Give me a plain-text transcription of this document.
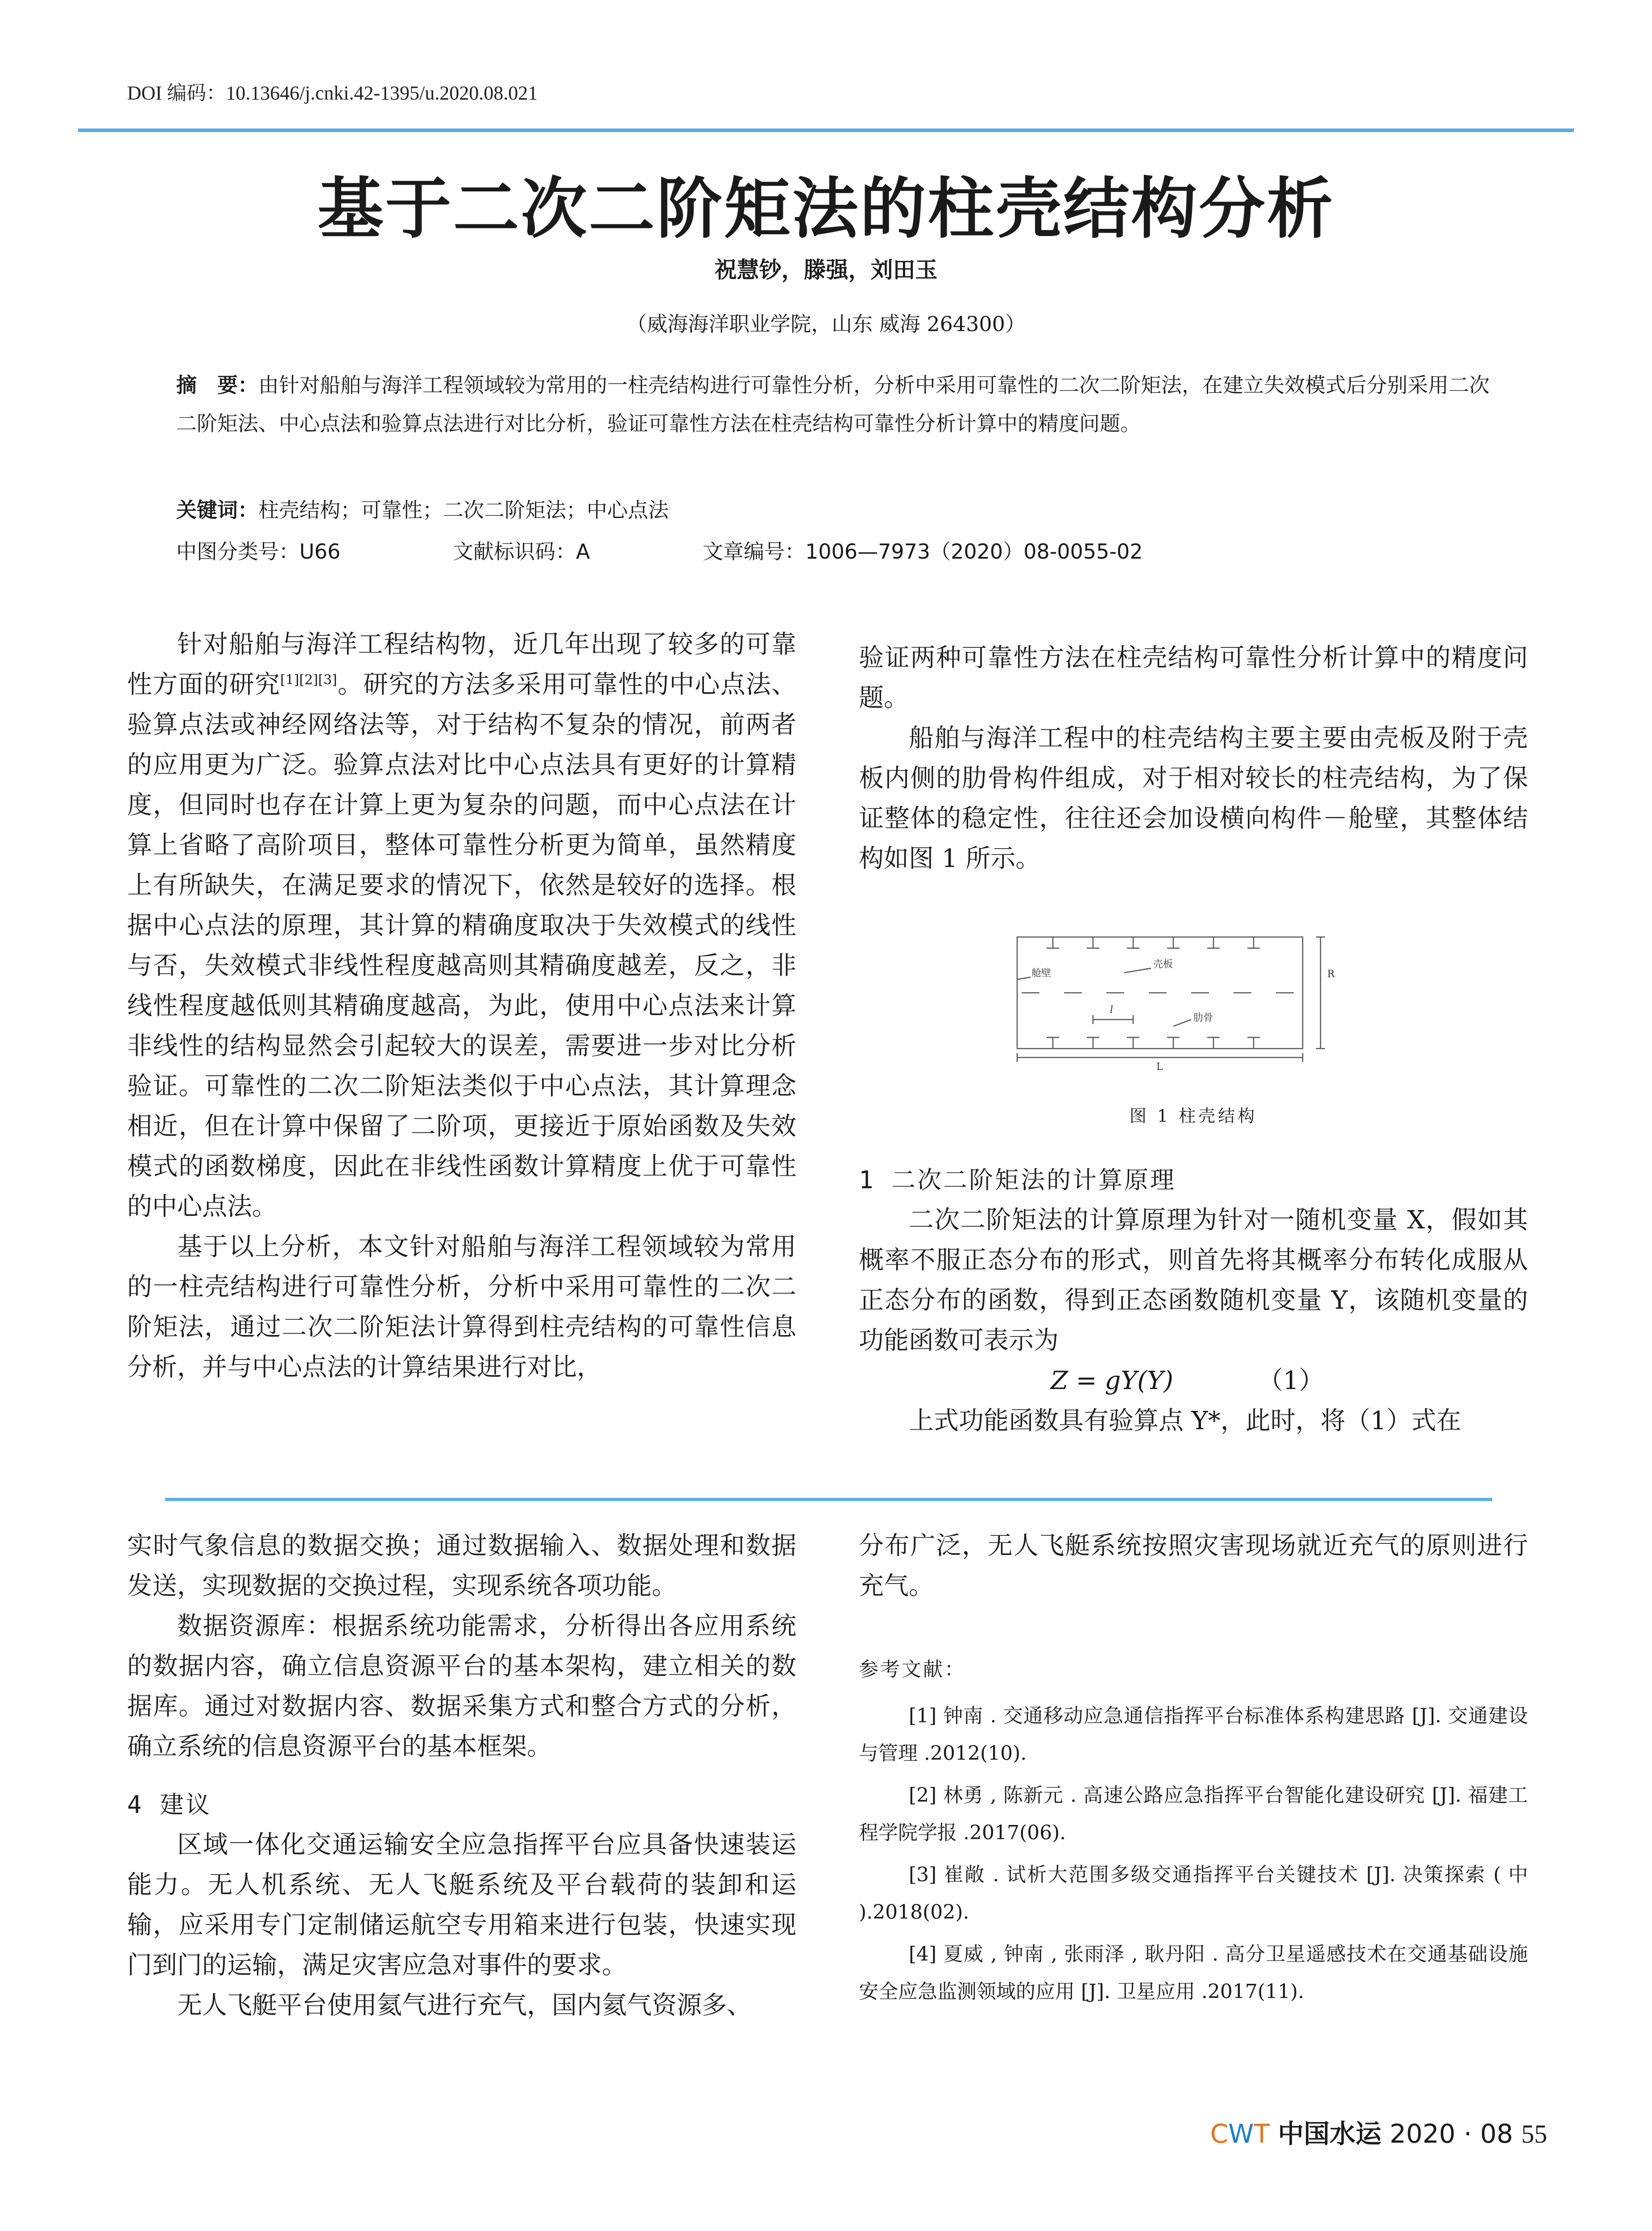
DOI 编码：10.13646/j.cnki.42-1395/u.2020.08.021
基于二次二阶矩法的柱壳结构分析
祝慧钞，滕强，刘田玉
（威海海洋职业学院，山东 威海 264300）
摘　要：由针对船舶与海洋工程领域较为常用的一柱壳结构进行可靠性分析，分析中采用可靠性的二次二阶矩法，在建立失效模式后分别采用二次二阶矩法、中心点法和验算点法进行对比分析，验证可靠性方法在柱壳结构可靠性分析计算中的精度问题。
关键词：柱壳结构；可靠性；二次二阶矩法；中心点法
中图分类号：U66	文献标识码：A	文章编号：1006—7973（2020）08-0055-02

针对船舶与海洋工程结构物，近几年出现了较多的可靠性方面的研究[1][2][3]。研究的方法多采用可靠性的中心点法、验算点法或神经网络法等，对于结构不复杂的情况，前两者的应用更为广泛。验算点法对比中心点法具有更好的计算精度，但同时也存在计算上更为复杂的问题，而中心点法在计算上省略了高阶项目，整体可靠性分析更为简单，虽然精度上有所缺失，在满足要求的情况下，依然是较好的选择。根据中心点法的原理，其计算的精确度取决于失效模式的线性与否，失效模式非线性程度越高则其精确度越差，反之，非线性程度越低则其精确度越高，为此，使用中心点法来计算非线性的结构显然会引起较大的误差，需要进一步对比分析验证。可靠性的二次二阶矩法类似于中心点法，其计算理念相近，但在计算中保留了二阶项，更接近于原始函数及失效模式的函数梯度，因此在非线性函数计算精度上优于可靠性的中心点法。

基于以上分析，本文针对船舶与海洋工程领域较为常用的一柱壳结构进行可靠性分析，分析中采用可靠性的二次二阶矩法，通过二次二阶矩法计算得到柱壳结构的可靠性信息分析，并与中心点法的计算结果进行对比，

验证两种可靠性方法在柱壳结构可靠性分析计算中的精度问题。

船舶与海洋工程中的柱壳结构主要主要由壳板及附于壳板内侧的肋骨构件组成，对于相对较长的柱壳结构，为了保证整体的稳定性，往往还会加设横向构件－舱壁，其整体结构如图 1 所示。

舱壁
壳板
肋骨
l
L
R
图 1 柱壳结构

1 二次二阶矩法的计算原理

二次二阶矩法的计算原理为针对一随机变量 X，假如其概率不服正态分布的形式，则首先将其概率分布转化成服从正态分布的函数，得到正态函数随机变量 Y，该随机变量的功能函数可表示为

Z = gY(Y)	（1）

上式功能函数具有验算点 Y*，此时，将（1）式在

实时气象信息的数据交换；通过数据输入、数据处理和数据发送，实现数据的交换过程，实现系统各项功能。

数据资源库：根据系统功能需求，分析得出各应用系统的数据内容，确立信息资源平台的基本架构，建立相关的数据库。通过对数据内容、数据采集方式和整合方式的分析，确立系统的信息资源平台的基本框架。

4 建议

区域一体化交通运输安全应急指挥平台应具备快速装运能力。无人机系统、无人飞艇系统及平台载荷的装卸和运输，应采用专门定制储运航空专用箱来进行包装，快速实现门到门的运输，满足灾害应急对事件的要求。

无人飞艇平台使用氦气进行充气，国内氦气资源多、

分布广泛，无人飞艇系统按照灾害现场就近充气的原则进行充气。

参考文献：
[1] 钟南 . 交通移动应急通信指挥平台标准体系构建思路 [J]. 交通建设与管理 .2012(10).
[2] 林勇 , 陈新元 . 高速公路应急指挥平台智能化建设研究 [J]. 福建工程学院学报 .2017(06).
[3] 崔敞 . 试析大范围多级交通指挥平台关键技术 [J]. 决策探索 ( 中 ).2018(02).
[4] 夏威 , 钟南 , 张雨泽 , 耿丹阳 . 高分卫星遥感技术在交通基础设施安全应急监测领域的应用 [J]. 卫星应用 .2017(11).
CWT 中国水运 2020 · 08 55
